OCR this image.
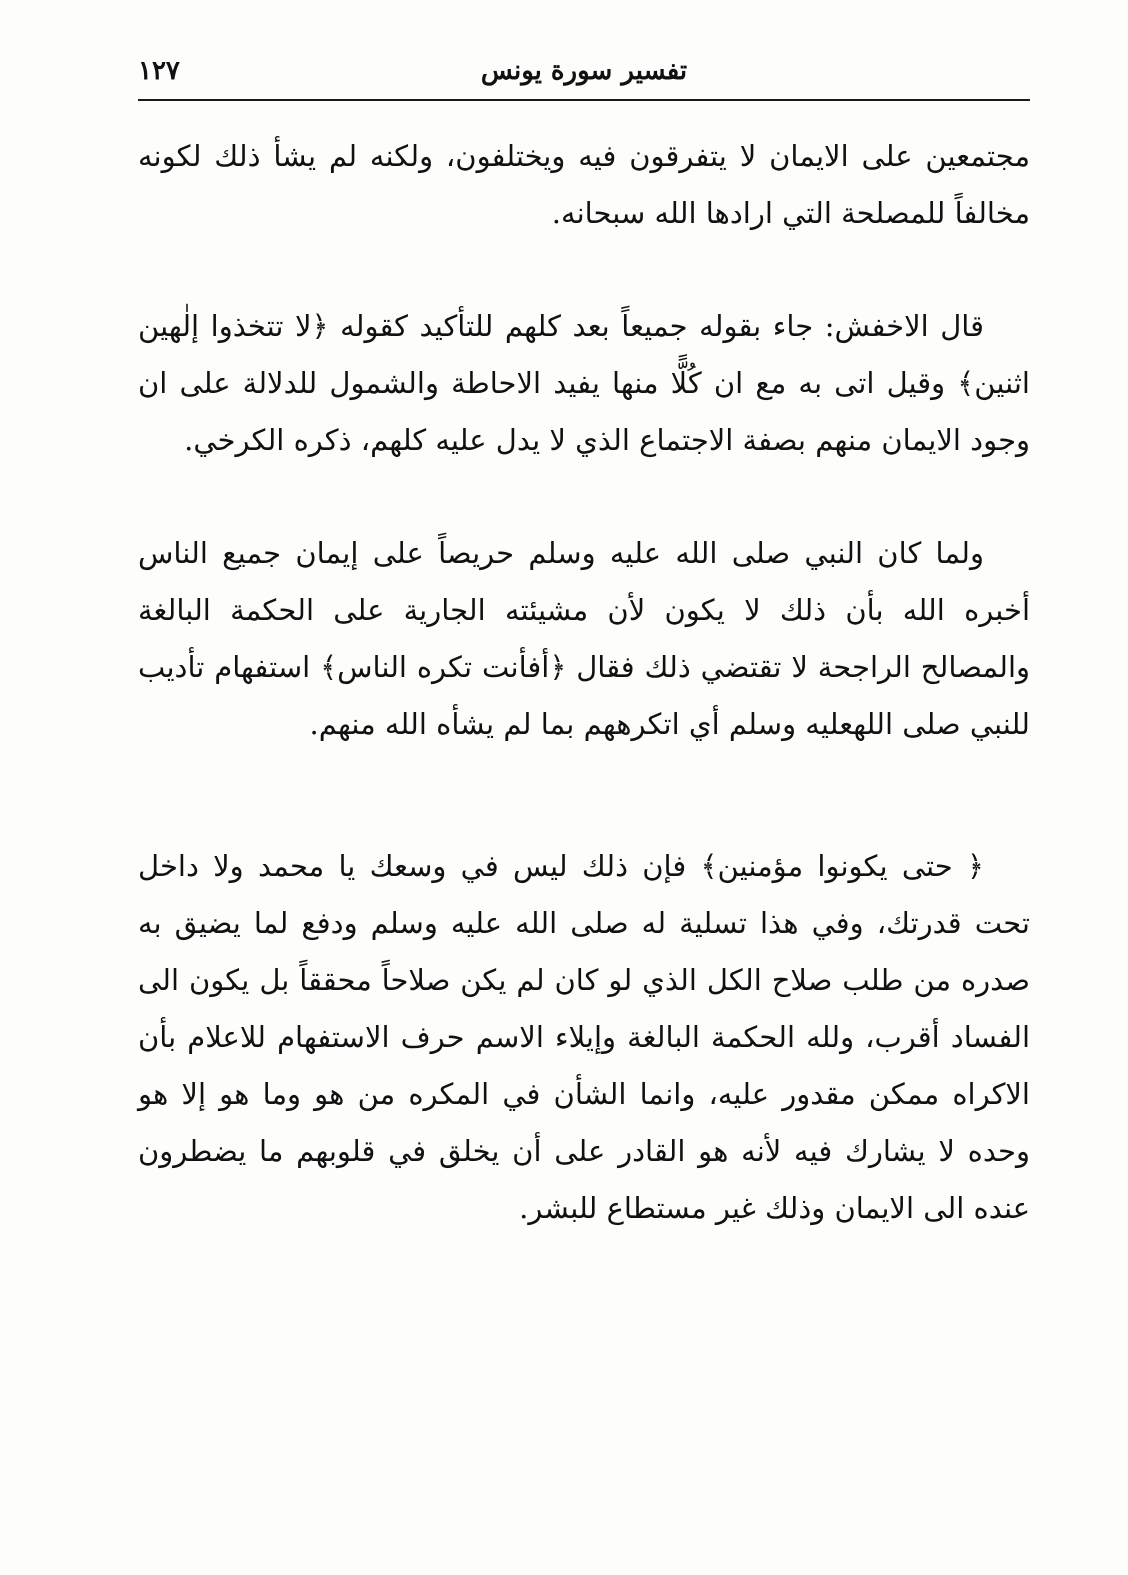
١٢٧	تفسير سورة يونس

مجتمعين على الايمان لا يتفرقون فيه ويختلفون، ولكنه لم يشأ ذلك لكونه مخالفاً للمصلحة التي ارادها الله سبحانه.

قال الاخفش: جاء بقوله جميعاً بعد كلهم للتأكيد كقوله ﴿لا تتخذوا إلٰهين اثنين﴾ وقيل اتى به مع ان كُلًّا منها يفيد الاحاطة والشمول للدلالة على ان وجود الايمان منهم بصفة الاجتماع الذي لا يدل عليه كلهم، ذكره الكرخي.

ولما كان النبي صلى الله عليه وسلم حريصاً على إيمان جميع الناس أخبره الله بأن ذلك لا يكون لأن مشيئته الجارية على الحكمة البالغة والمصالح الراجحة لا تقتضي ذلك فقال ﴿أفأنت تكره الناس﴾ استفهام تأديب للنبي صلى اللهعليه وسلم أي اتكرههم بما لم يشأه الله منهم.

﴿ حتى يكونوا مؤمنين﴾ فإن ذلك ليس في وسعك يا محمد ولا داخل تحت قدرتك، وفي هذا تسلية له صلى الله عليه وسلم ودفع لما يضيق به صدره من طلب صلاح الكل الذي لو كان لم يكن صلاحاً محققاً بل يكون الى الفساد أقرب، ولله الحكمة البالغة وإيلاء الاسم حرف الاستفهام للاعلام بأن الاكراه ممكن مقدور عليه، وانما الشأن في المكره من هو وما هو إلا هو وحده لا يشارك فيه لأنه هو القادر على أن يخلق في قلوبهم ما يضطرون عنده الى الايمان وذلك غير مستطاع للبشر.
